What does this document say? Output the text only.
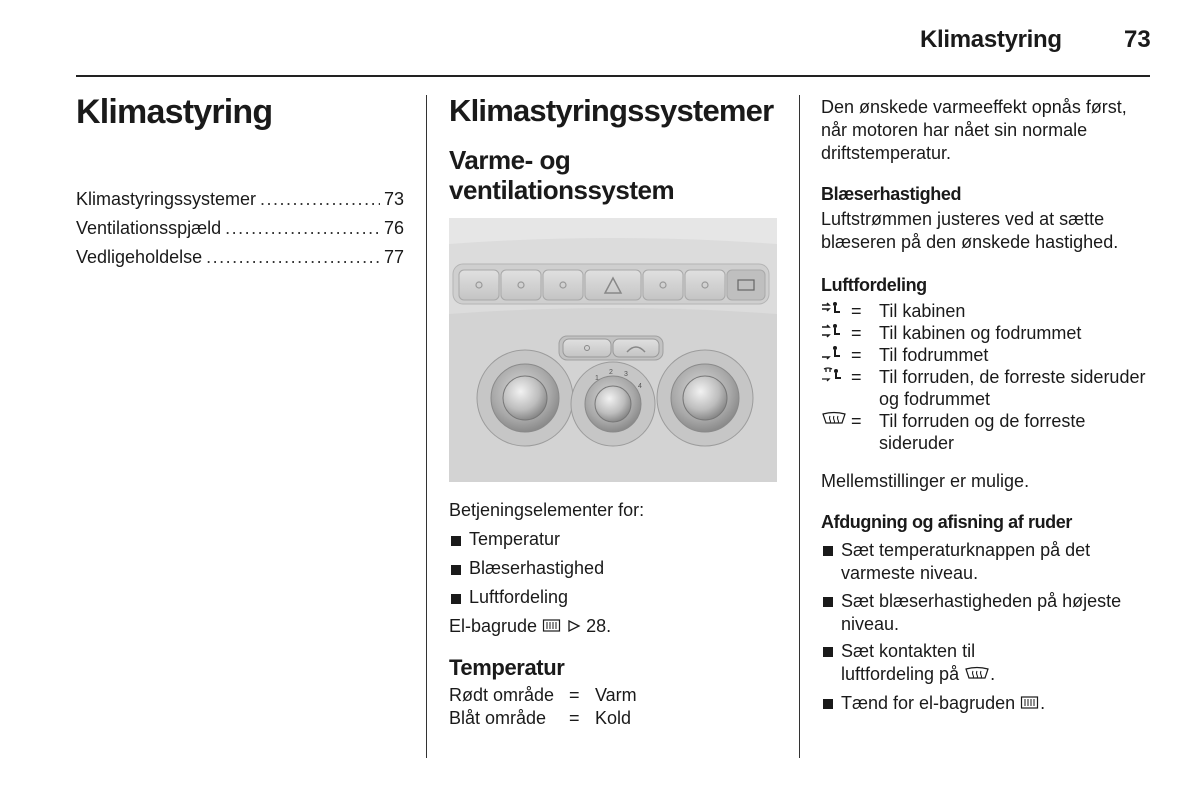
Klimastyring	73
Klimastyring
Klimastyringssystemer .....	73
Ventilationsspjæld .....	76
Vedligeholdelse .....	77
Klimastyringssystemer
Varme- og ventilationssystem
1
2 3
4
Betjeningselementer for:
Temperatur
Blæserhastighed
Luftfordeling
El-bagrude	28.
Temperatur
Rødt område = Varm
Blåt område	= Kold
Den ønskede varmeeffekt opnås først, når motoren har nået sin normale driftstemperatur.
Blæserhastighed
Luftstrømmen justeres ved at sætte blæseren på den ønskede hastighed.
Luftfordeling
= Til kabinen
= Til kabinen og fodrummet
= Til fodrummet
= Til forruden, de forreste sideruder og fodrummet
= Til forruden og de forreste sideruder
Mellemstillinger er mulige.
Afdugning og afisning af ruder
Sæt temperaturknappen på det varmeste niveau.
Sæt blæserhastigheden på højeste niveau.
Sæt kontakten til luftfordeling på .
Tænd for el-bagruden .
